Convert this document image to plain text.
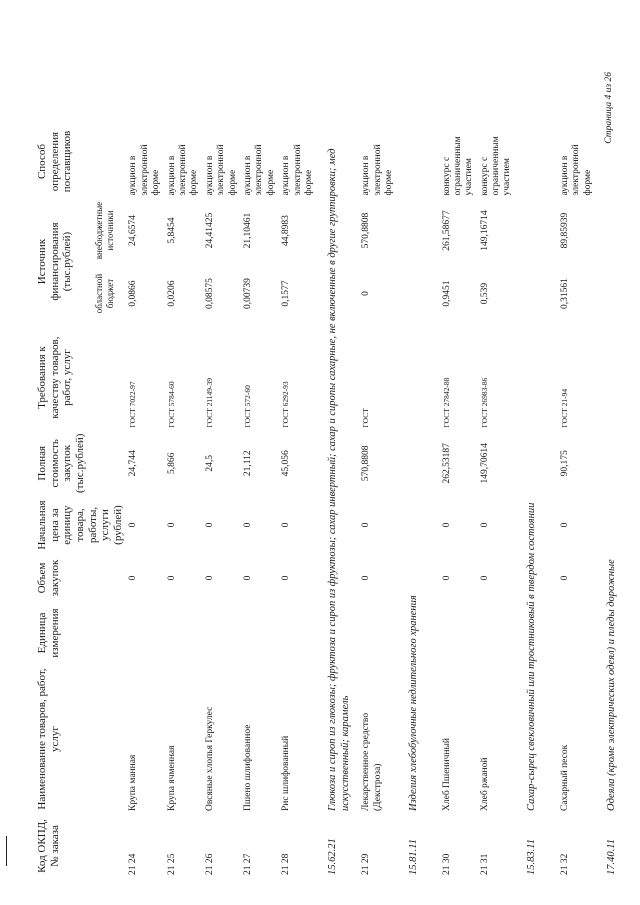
Код ОКПД, № заказа	Наименование товаров, работ, услуг	Единица измерения	Объем закупок	Начальная цена за единицу товара, работы, услуги (рублей)	Полная стоимость закупок (тыс.рублей)	Требования к качеству товаров, работ, услуг	Источник финансирования (тыс.рублей)		Способ определения поставщиков
							областной бюджет	внебюджетные источники	
21 24	Крупа манная		0	0	24,744	ГОСТ 7022-97	0,0866	24,6574	аукцион в электронной форме
21 25	Крупа ячменная		0	0	5,866	ГОСТ 5784-60	0,0206	5,8454	аукцион в электронной форме
21 26	Овсяные хлопья Геркулес		0	0	24,5	ГОСТ 21149-39	0,08575	24,41425	аукцион в электронной форме
21 27	Пшено шлифованное		0	0	21,112	ГОСТ 572-60	0,00739	21,10461	аукцион в электронной форме
21 28	Рис шлифованный		0	0	45,056	ГОСТ 6292-93	0,1577	44,8983	аукцион в электронной форме
15.62.21	Глюкоза и сироп из глюкозы; фруктоза и сироп из фруктозы; сахар инвертный; сахар и сиропы сахарные, не включенные в другие группировки; мед искусственный; карамель								
21 29	Лекарственное средство (Декстроза)		0	0	570,8808	ГОСТ	0	570,8808	аукцион в электронной форме
15.81.11	Изделия хлебобулочные недлительного хранения								
21 30	Хлеб Пшеничный		0	0	262,53187	ГОСТ 27842-88	0,9451	261,58677	конкурс с ограниченным участием
21 31	Хлеб ржаной		0	0	149,70614	ГОСТ 26983-86	0,539	149,16714	конкурс с ограниченным участием
15.83.11	Сахар-сырец свекловичный или тростниковый в твердом состоянии								
21 32	Сахарный песок		0	0	90,175	ГОСТ 21-94	0,31561	89,85939	аукцион в электронной форме
17.40.11	Одеяла (кроме электрических одеял) и пледы дорожные								
Страница 4 из 26
